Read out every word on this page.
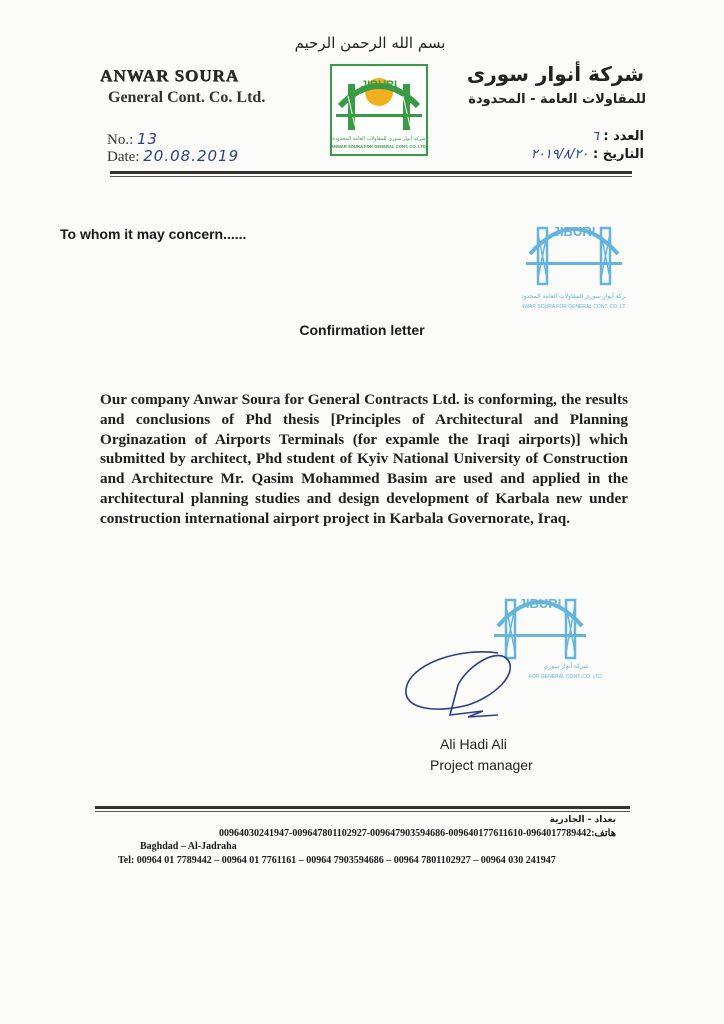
بسم الله الرحمن الرحيم
ANWAR SOURA
General Cont. Co. Ltd.
شركة أنوار سورى
للمقاولات العامة - المحدودة
JIBURI
شركة أنوار سورى للمقاولات العامة المحدودة
ANWAR SOURA FOR GENERAL CONT. CO. LTD.
No.: 13
Date: 20.08.2019
العدد : ٦
التاريخ : ٢٠١٩/٨/٢٠
JIBURI
شركة أنوار سورى للمقاولات العامة المحدودة
ANWAR SOURA FOR GENERAL CONT. CO. LTD.
To whom it may concern......
Confirmation letter
Our company Anwar Soura for General Contracts Ltd. is conforming, the results and conclusions of Phd thesis [Principles of Architectural and Planning Orginazation of Airports Terminals (for expamle the Iraqi airports)] which submitted by architect, Phd student of Kyiv National University of Construction and Architecture Mr. Qasim Mohammed Basim are used and applied in the architectural planning studies and design development of Karbala new under construction international airport project in Karbala Governorate, Iraq.
JIBURI
شركة أنوار سورى
FOR GENERAL CONT. CO. LTD.
Ali Hadi Ali
Project manager
بغداد - الجادرية
00964030241947-009647801102927-009647903594686-009640177611610-0964017789442:هاتف
Baghdad – Al-Jadraha
Tel: 00964 01 7789442 – 00964 01 7761161 – 00964 7903594686 – 00964 7801102927 – 00964 030 241947
